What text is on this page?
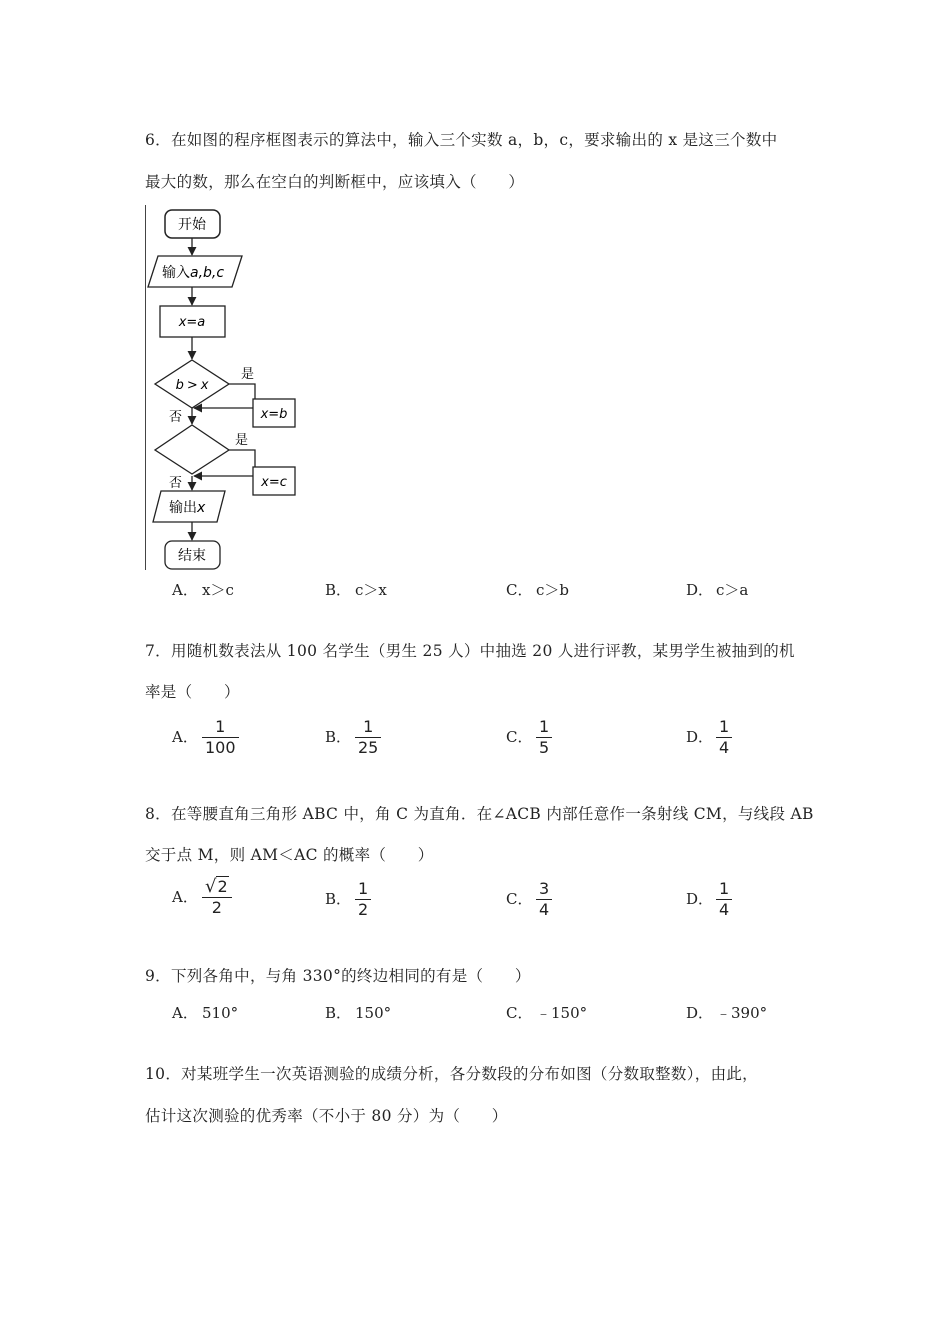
6．在如图的程序框图表示的算法中，输入三个实数 a，b，c，要求输出的 x 是这三个数中
最大的数，那么在空白的判断框中，应该填入（　　）
开始
输入a,b,c
x=a
b > x
是
否	x=b
是
否	x=c
输出x
结束
A． x＞c	B． c＞x	C． c＞b	D． c＞a
7．用随机数表法从 100 名学生（男生 25 人）中抽选 20 人进行评教，某男学生被抽到的机
率是（　　）
A． $\frac{1}{100}$	B． $\frac{1}{25}$	C． $\frac{1}{5}$	D． $\frac{1}{4}$
8．在等腰直角三角形 ABC 中，角 C 为直角．在∠ACB 内部任意作一条射线 CM，与线段 AB
交于点 M，则 AM＜AC 的概率（　　）
A． $\frac{√2}{2}$	B． $\frac{1}{2}$	C． $\frac{3}{4}$	D． $\frac{1}{4}$
9．下列各角中，与角 330°的终边相同的有是（　　）
A． 510°	B． 150°	C． ﹣150°	D． ﹣390°
10．对某班学生一次英语测验的成绩分析，各分数段的分布如图（分数取整数），由此，
估计这次测验的优秀率（不小于 80 分）为（　　）
